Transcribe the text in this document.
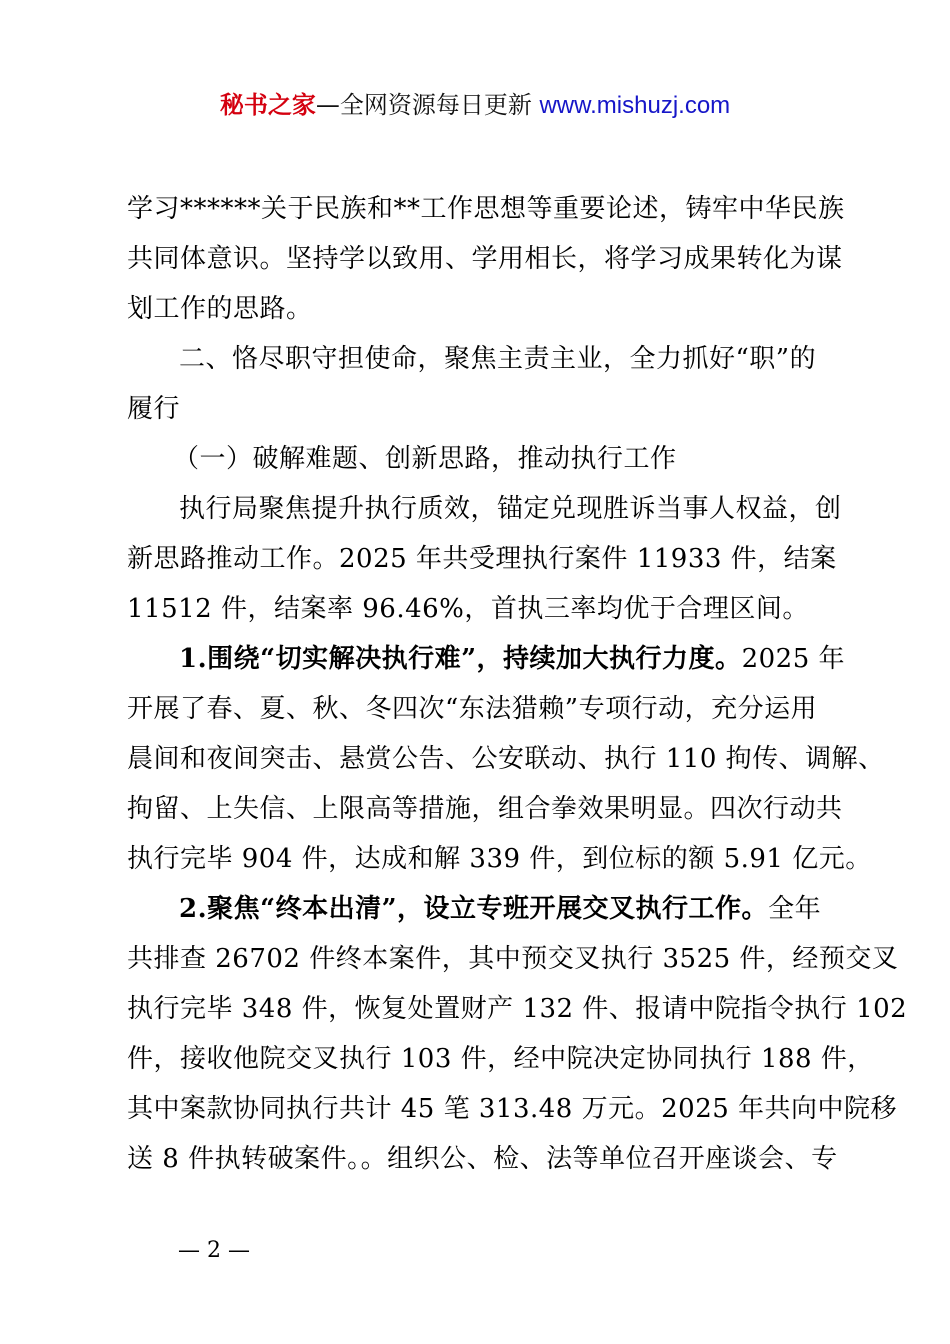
秘书之家—全网资源每日更新 www.mishuzj.com
学习******关于民族和**工作思想等重要论述，铸牢中华民族
共同体意识。坚持学以致用、学用相长，将学习成果转化为谋
划工作的思路。
二、恪尽职守担使命，聚焦主责主业，全力抓好“职”的
履行
（一）破解难题、创新思路，推动执行工作
执行局聚焦提升执行质效，锚定兑现胜诉当事人权益，创
新思路推动工作。2025 年共受理执行案件 11933 件，结案
11512 件，结案率 96.46%，首执三率均优于合理区间。
1.围绕“切实解决执行难”，持续加大执行力度。2025 年
开展了春、夏、秋、冬四次“东法猎赖”专项行动，充分运用
晨间和夜间突击、悬赏公告、公安联动、执行 110 拘传、调解、
拘留、上失信、上限高等措施，组合拳效果明显。四次行动共
执行完毕 904 件，达成和解 339 件，到位标的额 5.91 亿元。
2.聚焦“终本出清”，设立专班开展交叉执行工作。全年
共排查 26702 件终本案件，其中预交叉执行 3525 件，经预交叉
执行完毕 348 件，恢复处置财产 132 件、报请中院指令执行 102
件，接收他院交叉执行 103 件，经中院决定协同执行 188 件，
其中案款协同执行共计 45 笔 313.48 万元。2025 年共向中院移
送 8 件执转破案件。。组织公、检、法等单位召开座谈会、专
— 2 —
